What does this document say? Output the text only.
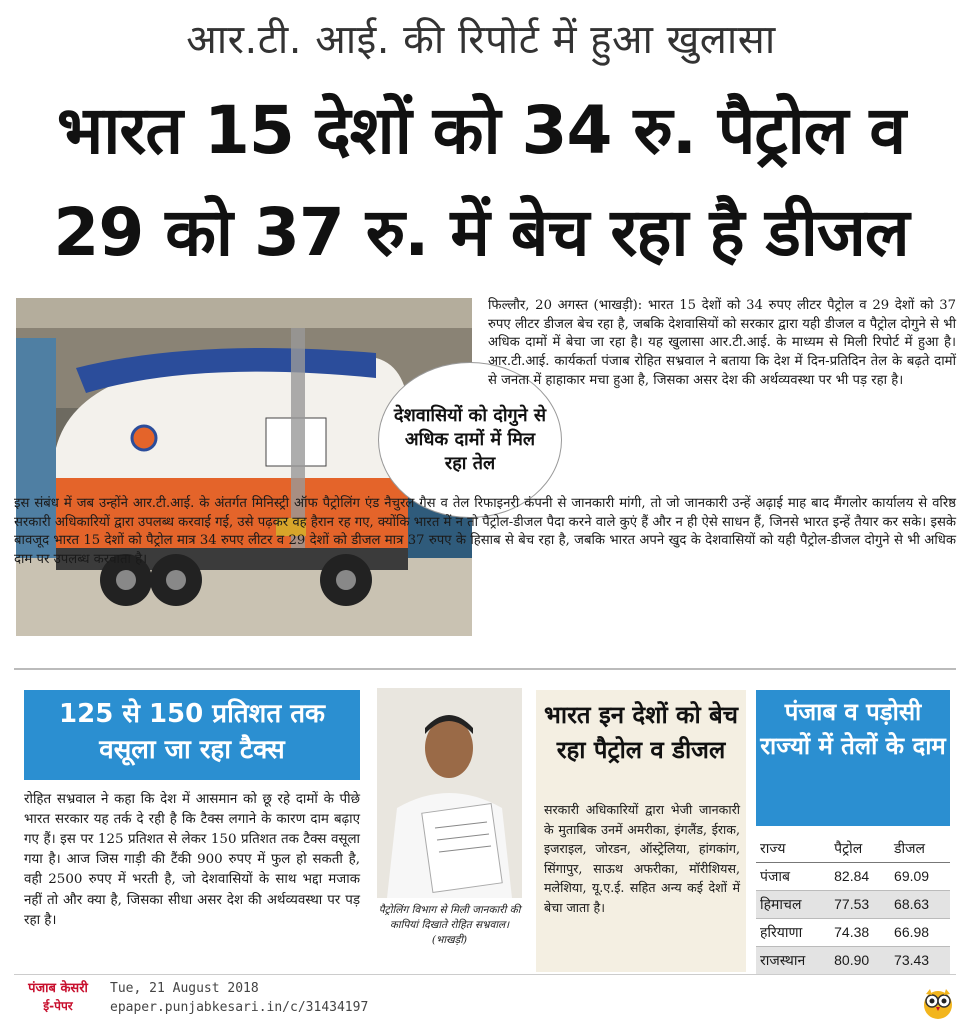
आर.टी. आई. की रिपोर्ट में हुआ खुलासा
भारत 15 देशों को 34 रु. पैट्रोल व
29 को 37 रु. में बेच रहा है डीजल
देशवासियों को दोगुने से अधिक दामों में मिल रहा तेल
फिल्लौर, 20 अगस्त (भाखड़ी): भारत 15 देशों को 34 रुपए लीटर पैट्रोल व 29 देशों को 37 रुपए लीटर डीजल बेच रहा है, जबकि देशवासियों को सरकार द्वारा यही डीजल व पैट्रोल दोगुने से भी अधिक दामों में बेचा जा रहा है। यह खुलासा आर.टी.आई. के माध्यम से मिली रिपोर्ट में हुआ है। आर.टी.आई. कार्यकर्ता पंजाब रोहित सभ्रवाल ने बताया कि देश में दिन-प्रतिदिन तेल के बढ़ते दामों से जनता में हाहाकार मचा हुआ है, जिसका असर देश की अर्थव्यवस्था पर भी पड़ रहा है।

इस संबंध में जब उन्होंने आर.टी.आई. के अंतर्गत मिनिस्ट्री ऑफ पैट्रोलिंग एंड नैचुरल गैस व तेल रिफाइनरी कंपनी से जानकारी मांगी, तो जो जानकारी उन्हें अढ़ाई माह बाद मैंगलोर कार्यालय से वरिष्ठ सरकारी अधिकारियों द्वारा उपलब्ध करवाई गई, उसे पढ़कर वह हैरान रह गए, क्योंकि भारत में न तो पैट्रोल-डीजल पैदा करने वाले कुएं हैं और न ही ऐसे साधन हैं, जिनसे भारत इन्हें तैयार कर सके। इसके बावजूद भारत 15 देशों को पैट्रोल मात्र 34 रुपए लीटर व 29 देशों को डीजल मात्र 37 रुपए के हिसाब से बेच रहा है, जबकि भारत अपने खुद के देशवासियों को यही पैट्रोल-डीजल दोगुने से भी अधिक दाम पर उपलब्ध करवाता है।

125 से 150 प्रतिशत तक
वसूला जा रहा टैक्स
रोहित सभ्रवाल ने कहा कि देश में आसमान को छू रहे दामों के पीछे भारत सरकार यह तर्क दे रही है कि टैक्स लगाने के कारण दाम बढ़ाए गए हैं। इस पर 125 प्रतिशत से लेकर 150 प्रतिशत तक टैक्स वसूला गया है। आज जिस गाड़ी की टैंकी 900 रुपए में फुल हो सकती है, वही 2500 रुपए में भरती है, जो देशवासियों के साथ भद्दा मजाक नहीं तो और क्या है, जिसका सीधा असर देश की अर्थव्यवस्था पर पड़ रहा है।
पैट्रोलिंग विभाग से मिली जानकारी की कापियां दिखाते रोहित सभ्रवाल।(भाखड़ी)
भारत इन देशों को बेच रहा पैट्रोल व डीजल
सरकारी अधिकारियों द्वारा भेजी जानकारी के मुताबिक उनमें अमरीका, इंगलैंड, ईराक, इजराइल, जोरडन, ऑस्ट्रेलिया, हांगकांग, सिंगापुर, साऊथ अफरीका, मॉरीशियस, मलेशिया, यू.ए.ई. सहित अन्य कई देशों में बेचा जाता है।
पंजाब व पड़ोसी राज्यों में तेलों के दाम
राज्य	पैट्रोल	डीजल
पंजाब	82.84	69.09
हिमाचल	77.53	68.63
हरियाणा	74.38	66.98
राजस्थान	80.90	73.43
पंजाब केसरी
ई-पेपर
Tue, 21 August 2018
epaper.punjabkesari.in/c/31434197
